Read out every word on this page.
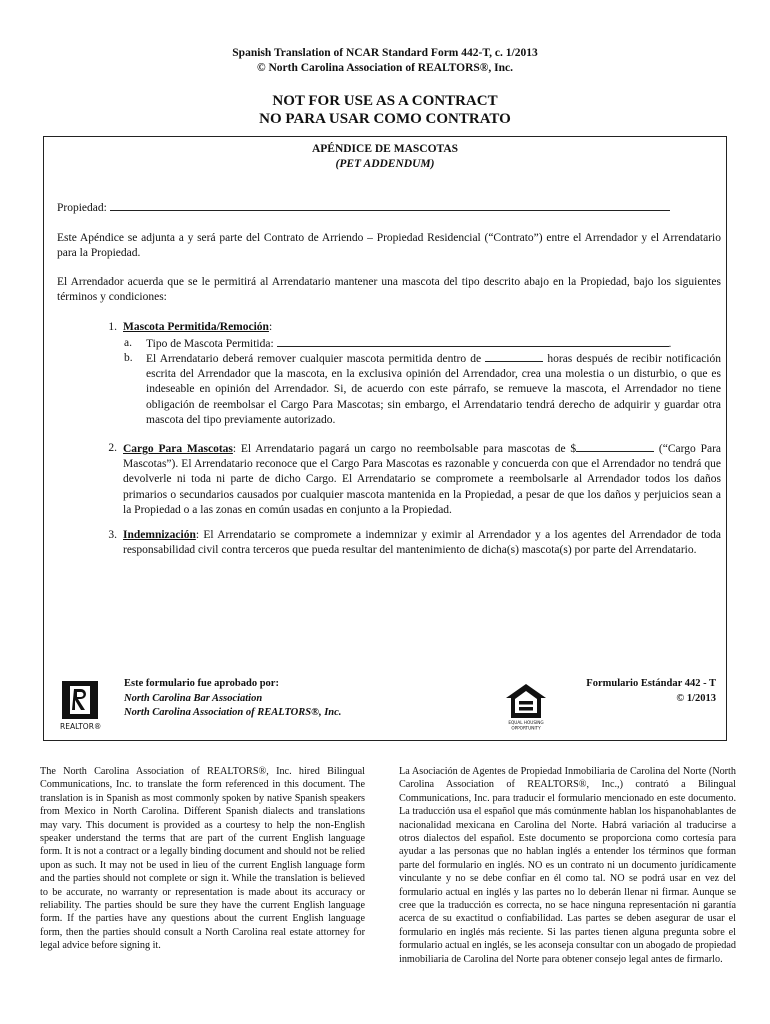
Spanish Translation of NCAR Standard Form 442-T, c. 1/2013
© North Carolina Association of REALTORS®, Inc.
NOT FOR USE AS A CONTRACT
NO PARA USAR COMO CONTRATO
APÉNDICE DE MASCOTAS
(PET ADDENDUM)
Propiedad:
Este Apéndice se adjunta a y será parte del Contrato de Arriendo – Propiedad Residencial (“Contrato”) entre el Arrendador y el Arrendatario para la Propiedad.
El Arrendador acuerda que se le permitirá al Arrendatario mantener una mascota del tipo descrito abajo en la Propiedad, bajo los siguientes términos y condiciones:
1. Mascota Permitida/Remoción:
a. Tipo de Mascota Permitida:	.
b. El Arrendatario deberá remover cualquier mascota permitida dentro de	horas después de recibir notificación escrita del Arrendador que la mascota, en la exclusiva opinión del Arrendador, crea una molestia o un disturbio, o que es indeseable en opinión del Arrendador. Si, de acuerdo con este párrafo, se remueve la mascota, el Arrendador no tiene obligación de reembolsar el Cargo Para Mascotas; sin embargo, el Arrendatario tendrá derecho de adquirir y guardar otra mascota del tipo previamente autorizado.
2. Cargo Para Mascotas: El Arrendatario pagará un cargo no reembolsable para mascotas de $	(“Cargo Para Mascotas”). El Arrendatario reconoce que el Cargo Para Mascotas es razonable y concuerda con que el Arrendador no tendrá que devolverle ni toda ni parte de dicho Cargo. El Arrendatario se compromete a reembolsarle al Arrendador todos los daños primarios o secundarios causados por cualquier mascota mantenida en la Propiedad, a pesar de que los daños y perjuicios sean a la Propiedad o a las zonas en común usadas en conjunto a la Propiedad.
3. Indemnización: El Arrendatario se compromete a indemnizar y eximir al Arrendador y a los agentes del Arrendador de toda responsabilidad civil contra terceros que pueda resultar del mantenimiento de dicha(s) mascota(s) por parte del Arrendatario.
REALTOR®
Este formulario fue aprobado por:
North Carolina Bar Association
North Carolina Association of REALTORS®, Inc.
EQUAL HOUSING
OPPORTUNITY
Formulario Estándar 442 - T
© 1/2013
The North Carolina Association of REALTORS®, Inc. hired Bilingual Communications, Inc. to translate the form referenced in this document. The translation is in Spanish as most commonly spoken by native Spanish speakers from Mexico in North Carolina. Different Spanish dialects and translations may vary. This document is provided as a courtesy to help the non-English speaker understand the terms that are part of the current English language form. It is not a contract or a legally binding document and should not be relied upon as such. It may not be used in lieu of the current English language form and the parties should not complete or sign it. While the translation is believed to be accurate, no warranty or representation is made about its accuracy or reliability. The parties should be sure they have the current English language form. If the parties have any questions about the current English language form, then the parties should consult a North Carolina real estate attorney for legal advice before signing it.
La Asociación de Agentes de Propiedad Inmobiliaria de Carolina del Norte (North Carolina Association of REALTORS®, Inc.,) contrató a Bilingual Communications, Inc. para traducir el formulario mencionado en este documento. La traducción usa el español que más comúnmente hablan los hispanohablantes de nacionalidad mexicana en Carolina del Norte. Habrá variación al traducirse a otros dialectos del español. Este documento se proporciona como cortesía para ayudar a las personas que no hablan inglés a entender los términos que forman parte del formulario en inglés. NO es un contrato ni un documento jurídicamente vinculante y no se debe confiar en él como tal. NO se podrá usar en vez del formulario actual en inglés y las partes no lo deberán llenar ni firmar. Aunque se cree que la traducción es correcta, no se hace ninguna representación ni garantía acerca de su exactitud o confiabilidad. Las partes se deben asegurar de usar el formulario en inglés más reciente. Si las partes tienen alguna pregunta sobre el formulario actual en inglés, se les aconseja consultar con un abogado de propiedad inmobiliaria de Carolina del Norte para obtener consejo legal antes de firmarlo.
